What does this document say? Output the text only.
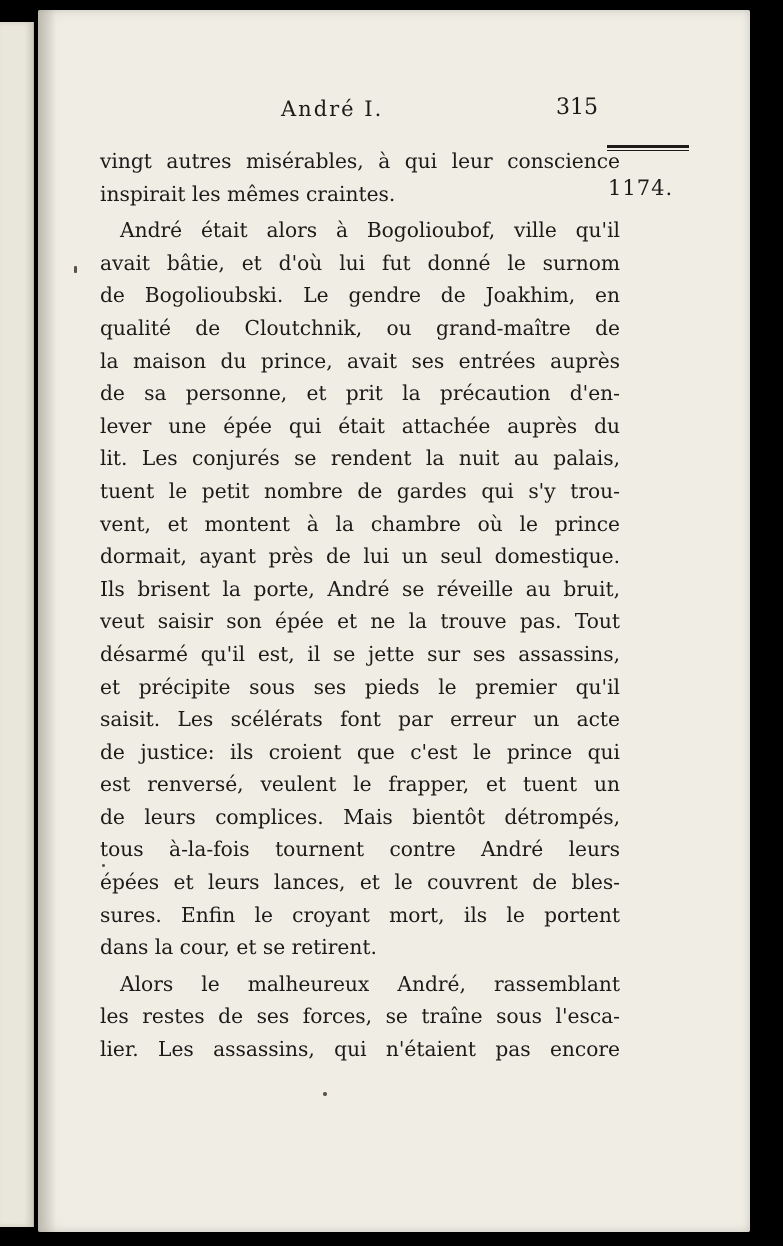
André I.	315
1174.
vingt autres misérables, à qui leur conscience
inspirait les mêmes craintes.
André était alors à Bogolioubof, ville qu'il
avait bâtie, et d'où lui fut donné le surnom
de Bogolioubski. Le gendre de Joakhim, en
qualité de Cloutchnik, ou grand-maître de
la maison du prince, avait ses entrées auprès
de sa personne, et prit la précaution d'en-
lever une épée qui était attachée auprès du
lit. Les conjurés se rendent la nuit au palais,
tuent le petit nombre de gardes qui s'y trou-
vent, et montent à la chambre où le prince
dormait, ayant près de lui un seul domestique.
Ils brisent la porte, André se réveille au bruit,
veut saisir son épée et ne la trouve pas. Tout
désarmé qu'il est, il se jette sur ses assassins,
et précipite sous ses pieds le premier qu'il
saisit. Les scélérats font par erreur un acte
de justice: ils croient que c'est le prince qui
est renversé, veulent le frapper, et tuent un
de leurs complices. Mais bientôt détrompés,
tous à-la-fois tournent contre André leurs
épées et leurs lances, et le couvrent de bles-
sures. Enfin le croyant mort, ils le portent
dans la cour, et se retirent.
Alors le malheureux André, rassemblant
les restes de ses forces, se traîne sous l'esca-
lier. Les assassins, qui n'étaient pas encore
